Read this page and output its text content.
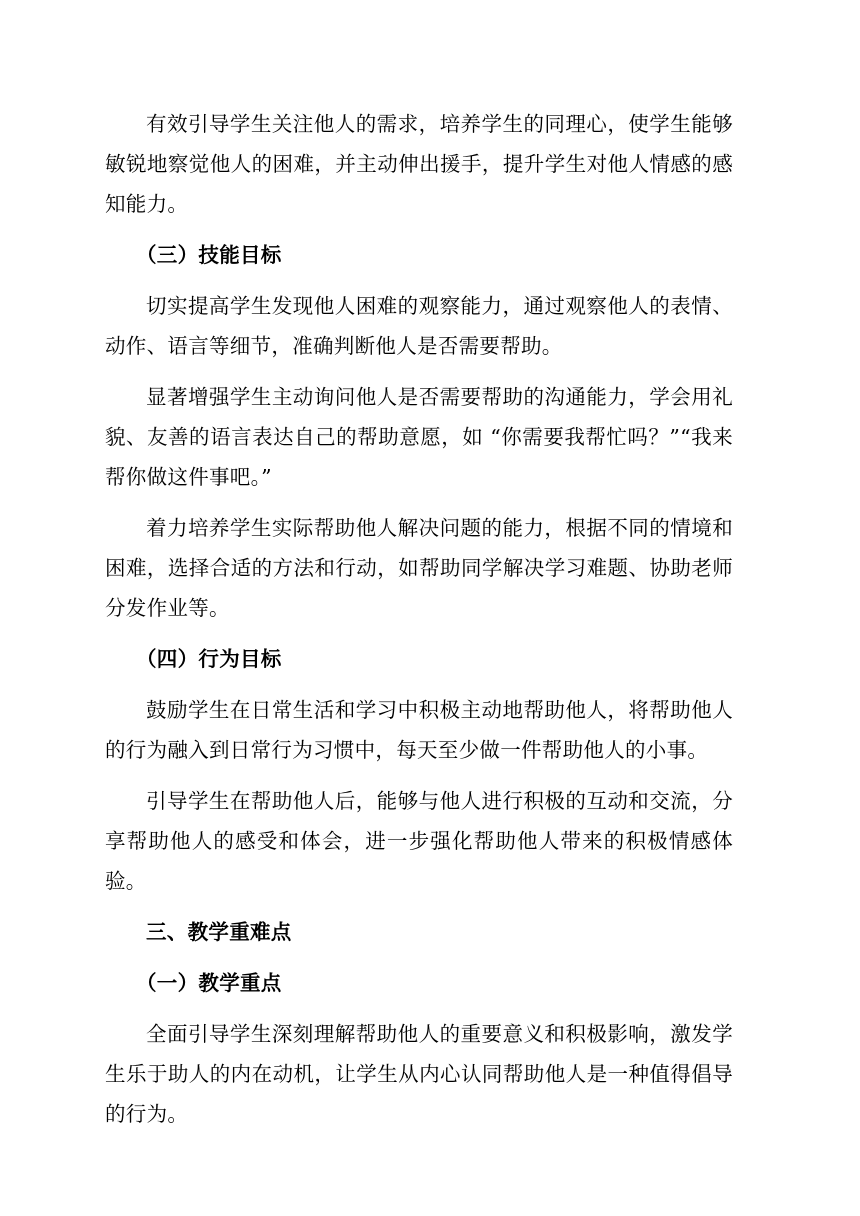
有效引导学生关注他人的需求，培养学生的同理心，使学生能够敏锐地察觉他人的困难，并主动伸出援手，提升学生对他人情感的感知能力。

（三）技能目标

切实提高学生发现他人困难的观察能力，通过观察他人的表情、动作、语言等细节，准确判断他人是否需要帮助。

显著增强学生主动询问他人是否需要帮助的沟通能力，学会用礼貌、友善的语言表达自己的帮助意愿，如 “你需要我帮忙吗？”“我来帮你做这件事吧。”

着力培养学生实际帮助他人解决问题的能力，根据不同的情境和困难，选择合适的方法和行动，如帮助同学解决学习难题、协助老师分发作业等。

（四）行为目标

鼓励学生在日常生活和学习中积极主动地帮助他人，将帮助他人的行为融入到日常行为习惯中，每天至少做一件帮助他人的小事。

引导学生在帮助他人后，能够与他人进行积极的互动和交流，分享帮助他人的感受和体会，进一步强化帮助他人带来的积极情感体验。

三、教学重难点

（一）教学重点

全面引导学生深刻理解帮助他人的重要意义和积极影响，激发学生乐于助人的内在动机，让学生从内心认同帮助他人是一种值得倡导的行为。
